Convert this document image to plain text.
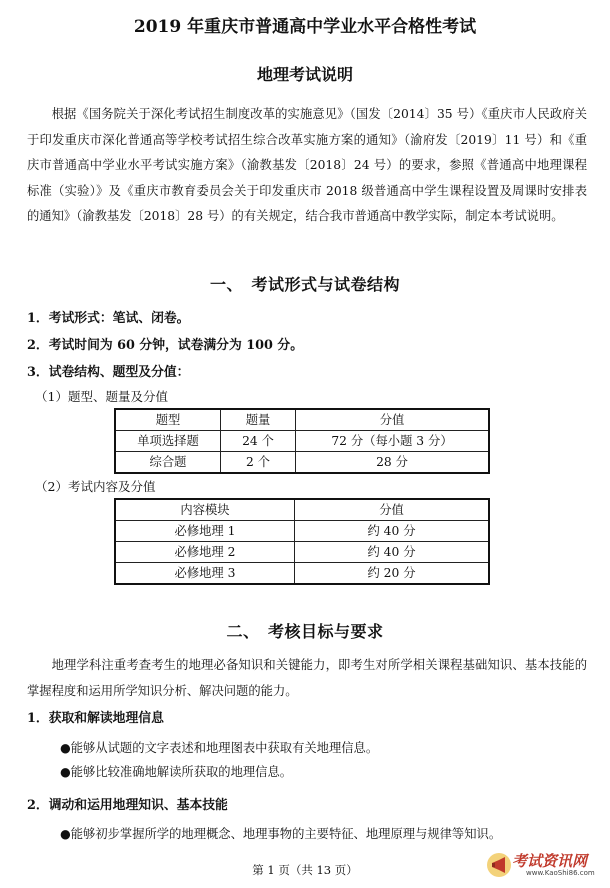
2019 年重庆市普通高中学业水平合格性考试
地理考试说明

根据《国务院关于深化考试招生制度改革的实施意见》（国发〔2014〕35 号）《重庆市人民政府关于印发重庆市深化普通高等学校考试招生综合改革实施方案的通知》（渝府发〔2019〕11 号）和《重庆市普通高中学业水平考试实施方案》（渝教基发〔2018〕24 号）的要求，参照《普通高中地理课程标准（实验）》及《重庆市教育委员会关于印发重庆市 2018 级普通高中学生课程设置及周课时安排表的通知》（渝教基发〔2018〕28 号）的有关规定，结合我市普通高中教学实际，制定本考试说明。

一、　考试形式与试卷结构
1．考试形式：笔试、闭卷。
2．考试时间为 60 分钟，试卷满分为 100 分。
3．试卷结构、题型及分值：
（1）题型、题量及分值
题型	题量	分值
单项选择题	24 个	72 分（每小题 3 分）
综合题	2 个	28 分
（2）考试内容及分值
内容模块	分值
必修地理 1	约 40 分
必修地理 2	约 40 分
必修地理 3	约 20 分
二、　考核目标与要求

地理学科注重考查考生的地理必备知识和关键能力，即考生对所学相关课程基础知识、基本技能的掌握程度和运用所学知识分析、解决问题的能力。

1．获取和解读地理信息
●能够从试题的文字表述和地理图表中获取有关地理信息。
●能够比较准确地解读所获取的地理信息。
2．调动和运用地理知识、基本技能
●能够初步掌握所学的地理概念、地理事物的主要特征、地理原理与规律等知识。
第 1 页（共 13 页）	考试资讯网
www.KaoShi86.com
